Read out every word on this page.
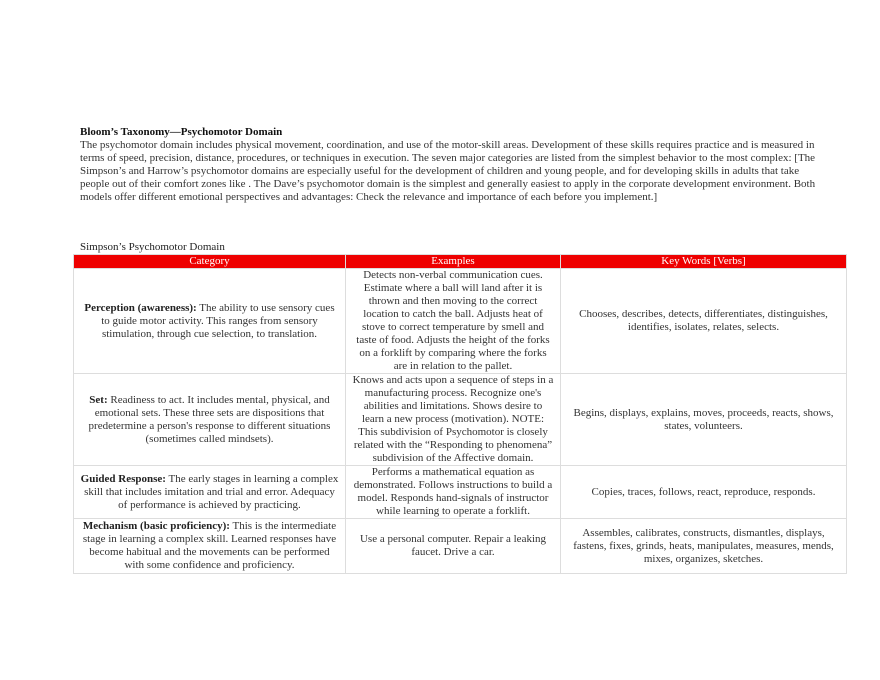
Bloom’s Taxonomy—Psychomotor Domain

The psychomotor domain includes physical movement, coordination, and use of the motor-skill areas. Development of these skills requires practice and is measured in terms of speed, precision, distance, procedures, or techniques in execution. The seven major categories are listed from the simplest behavior to the most complex: [The Simpson’s and Harrow’s psychomotor domains are especially useful for the development of children and young people, and for developing skills in adults that take people out of their comfort zones like . The Dave’s psychomotor domain is the simplest and generally easiest to apply in the corporate development environment. Both models offer different emotional perspectives and advantages: Check the relevance and importance of each before you implement.]

Simpson’s Psychomotor Domain
Category	Examples	Key Words [Verbs]
Perception (awareness): The ability to use sensory cues to guide motor activity. This ranges from sensory stimulation, through cue selection, to translation.	Detects non-verbal communication cues. Estimate where a ball will land after it is thrown and then moving to the correct location to catch the ball. Adjusts heat of stove to correct temperature by smell and taste of food. Adjusts the height of the forks on a forklift by comparing where the forks are in relation to the pallet.	Chooses, describes, detects, differentiates, distinguishes, identifies, isolates, relates, selects.
Set: Readiness to act. It includes mental, physical, and emotional sets. These three sets are dispositions that predetermine a person's response to different situations (sometimes called mindsets).	Knows and acts upon a sequence of steps in a manufacturing process. Recognize one's abilities and limitations. Shows desire to learn a new process (motivation). NOTE: This subdivision of Psychomotor is closely related with the “Responding to phenomena” subdivision of the Affective domain.	Begins, displays, explains, moves, proceeds, reacts, shows, states, volunteers.
Guided Response: The early stages in learning a complex skill that includes imitation and trial and error. Adequacy of performance is achieved by practicing.	Performs a mathematical equation as demonstrated. Follows instructions to build a model. Responds hand-signals of instructor while learning to operate a forklift.	Copies, traces, follows, react, reproduce, responds.
Mechanism (basic proficiency): This is the intermediate stage in learning a complex skill. Learned responses have become habitual and the movements can be performed with some confidence and proficiency.	Use a personal computer. Repair a leaking faucet. Drive a car.	Assembles, calibrates, constructs, dismantles, displays, fastens, fixes, grinds, heats, manipulates, measures, mends, mixes, organizes, sketches.
